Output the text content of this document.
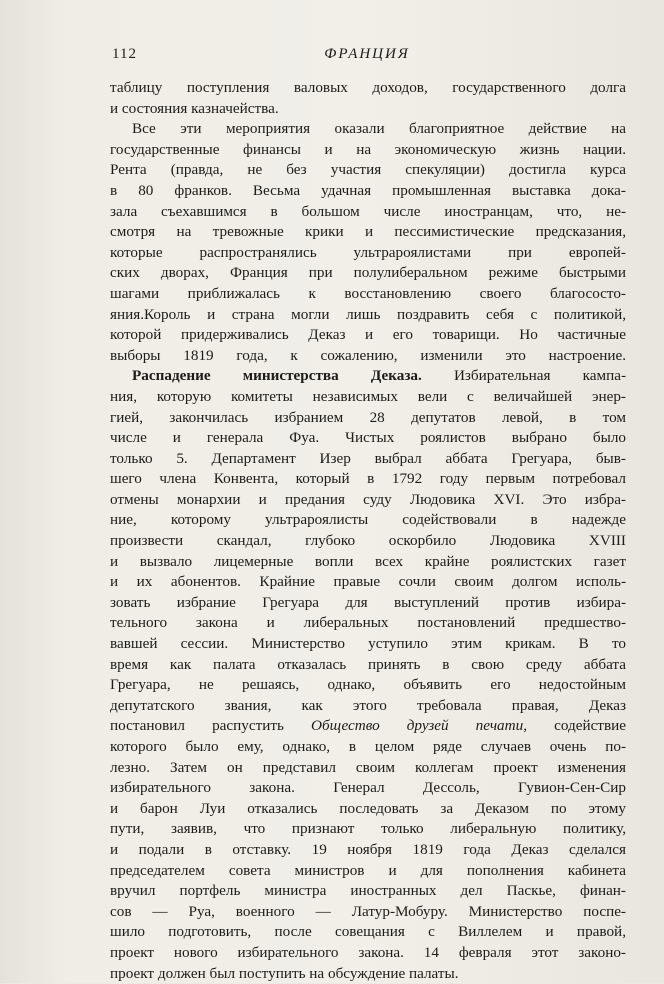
112	ФРАНЦИЯ
таблицу поступления валовых доходов, государственного долга
и состояния казначейства.
Все эти мероприятия оказали благоприятное действие на
государственные финансы и на экономическую жизнь нации.
Рента (правда, не без участия спекуляции) достигла курса
в 80 франков. Весьма удачная промышленная выставка дока-
зала съехавшимся в большом числе иностранцам, что, не-
смотря на тревожные крики и пессимистические предсказания,
которые распространялись ультрароялистами при европей-
ских дворах, Франция при полулиберальном режиме быстрыми
шагами приближалась к восстановлению своего благососто-
яния.Король и страна могли лишь поздравить себя с политикой,
которой придерживались Деказ и его товарищи. Но частичные
выборы 1819 года, к сожалению, изменили это настроение.
Распадение министерства Деказа. Избирательная кампа-
ния, которую комитеты независимых вели с величайшей энер-
гией, закончилась избранием 28 депутатов левой, в том
числе и генерала Фуа. Чистых роялистов выбрано было
только 5. Департамент Изер выбрал аббата Грегуара, быв-
шего члена Конвента, который в 1792 году первым потребовал
отмены монархии и предания суду Людовика XVI. Это избра-
ние, которому ультрароялисты содействовали в надежде
произвести скандал, глубоко оскорбило Людовика XVIII
и вызвало лицемерные вопли всех крайне роялистских газет
и их абонентов. Крайние правые сочли своим долгом исполь-
зовать избрание Грегуара для выступлений против избира-
тельного закона и либеральных постановлений предшество-
вавшей сессии. Министерство уступило этим крикам. В то
время как палата отказалась принять в свою среду аббата
Грегуара, не решаясь, однако, объявить его недостойным
депутатского звания, как этого требовала правая, Деказ
постановил распустить Общество друзей печати, содействие
которого было ему, однако, в целом ряде случаев очень по-
лезно. Затем он представил своим коллегам проект изменения
избирательного закона. Генерал Дессоль, Гувион-Сен-Сир
и барон Луи отказались последовать за Деказом по этому
пути, заявив, что признают только либеральную политику,
и подали в отставку. 19 ноября 1819 года Деказ сделался
председателем совета министров и для пополнения кабинета
вручил портфель министра иностранных дел Паскье, финан-
сов — Руа, военного — Латур-Мобуру. Министерство поспе-
шило подготовить, после совещания с Виллелем и правой,
проект нового избирательного закона. 14 февраля этот законо-
проект должен был поступить на обсуждение палаты.
